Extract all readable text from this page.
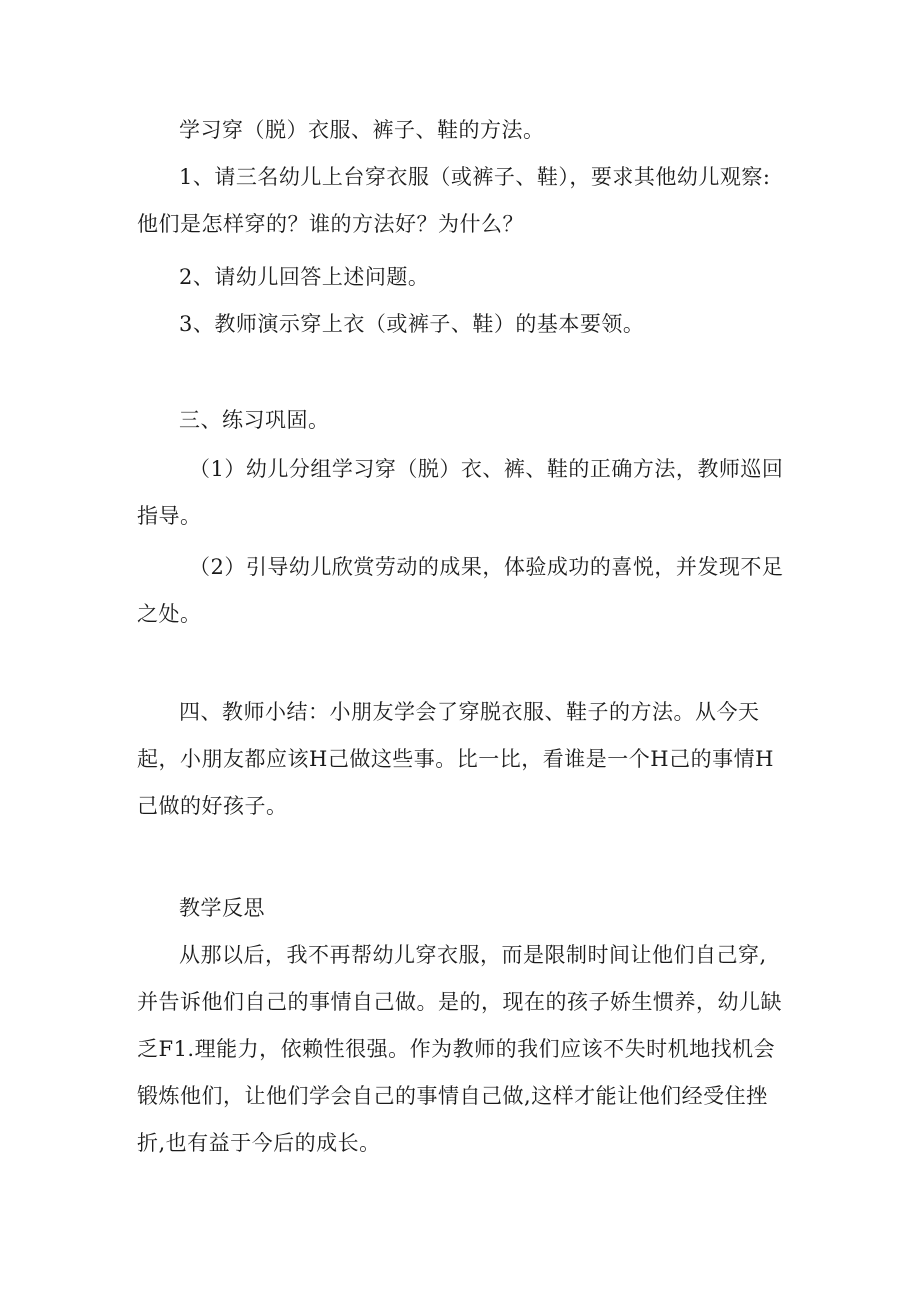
学习穿（脱）衣服、裤子、鞋的方法。

1、请三名幼儿上台穿衣服（或裤子、鞋），要求其他幼儿观察:他们是怎样穿的？谁的方法好？为什么？

2、请幼儿回答上述问题。

3、教师演示穿上衣（或裤子、鞋）的基本要领。

三、练习巩固。

（1）幼儿分组学习穿（脱）衣、裤、鞋的正确方法，教师巡回指导。

（2）引导幼儿欣赏劳动的成果，体验成功的喜悦，并发现不足之处。

四、教师小结：小朋友学会了穿脱衣服、鞋子的方法。从今天起，小朋友都应该H己做这些事。比一比，看谁是一个H己的事情H己做的好孩子。

教学反思

从那以后，我不再帮幼儿穿衣服，而是限制时间让他们自己穿,并告诉他们自己的事情自己做。是的，现在的孩子娇生惯养，幼儿缺乏F1.理能力，依赖性很强。作为教师的我们应该不失时机地找机会锻炼他们，让他们学会自己的事情自己做,这样才能让他们经受住挫折,也有益于今后的成长。
